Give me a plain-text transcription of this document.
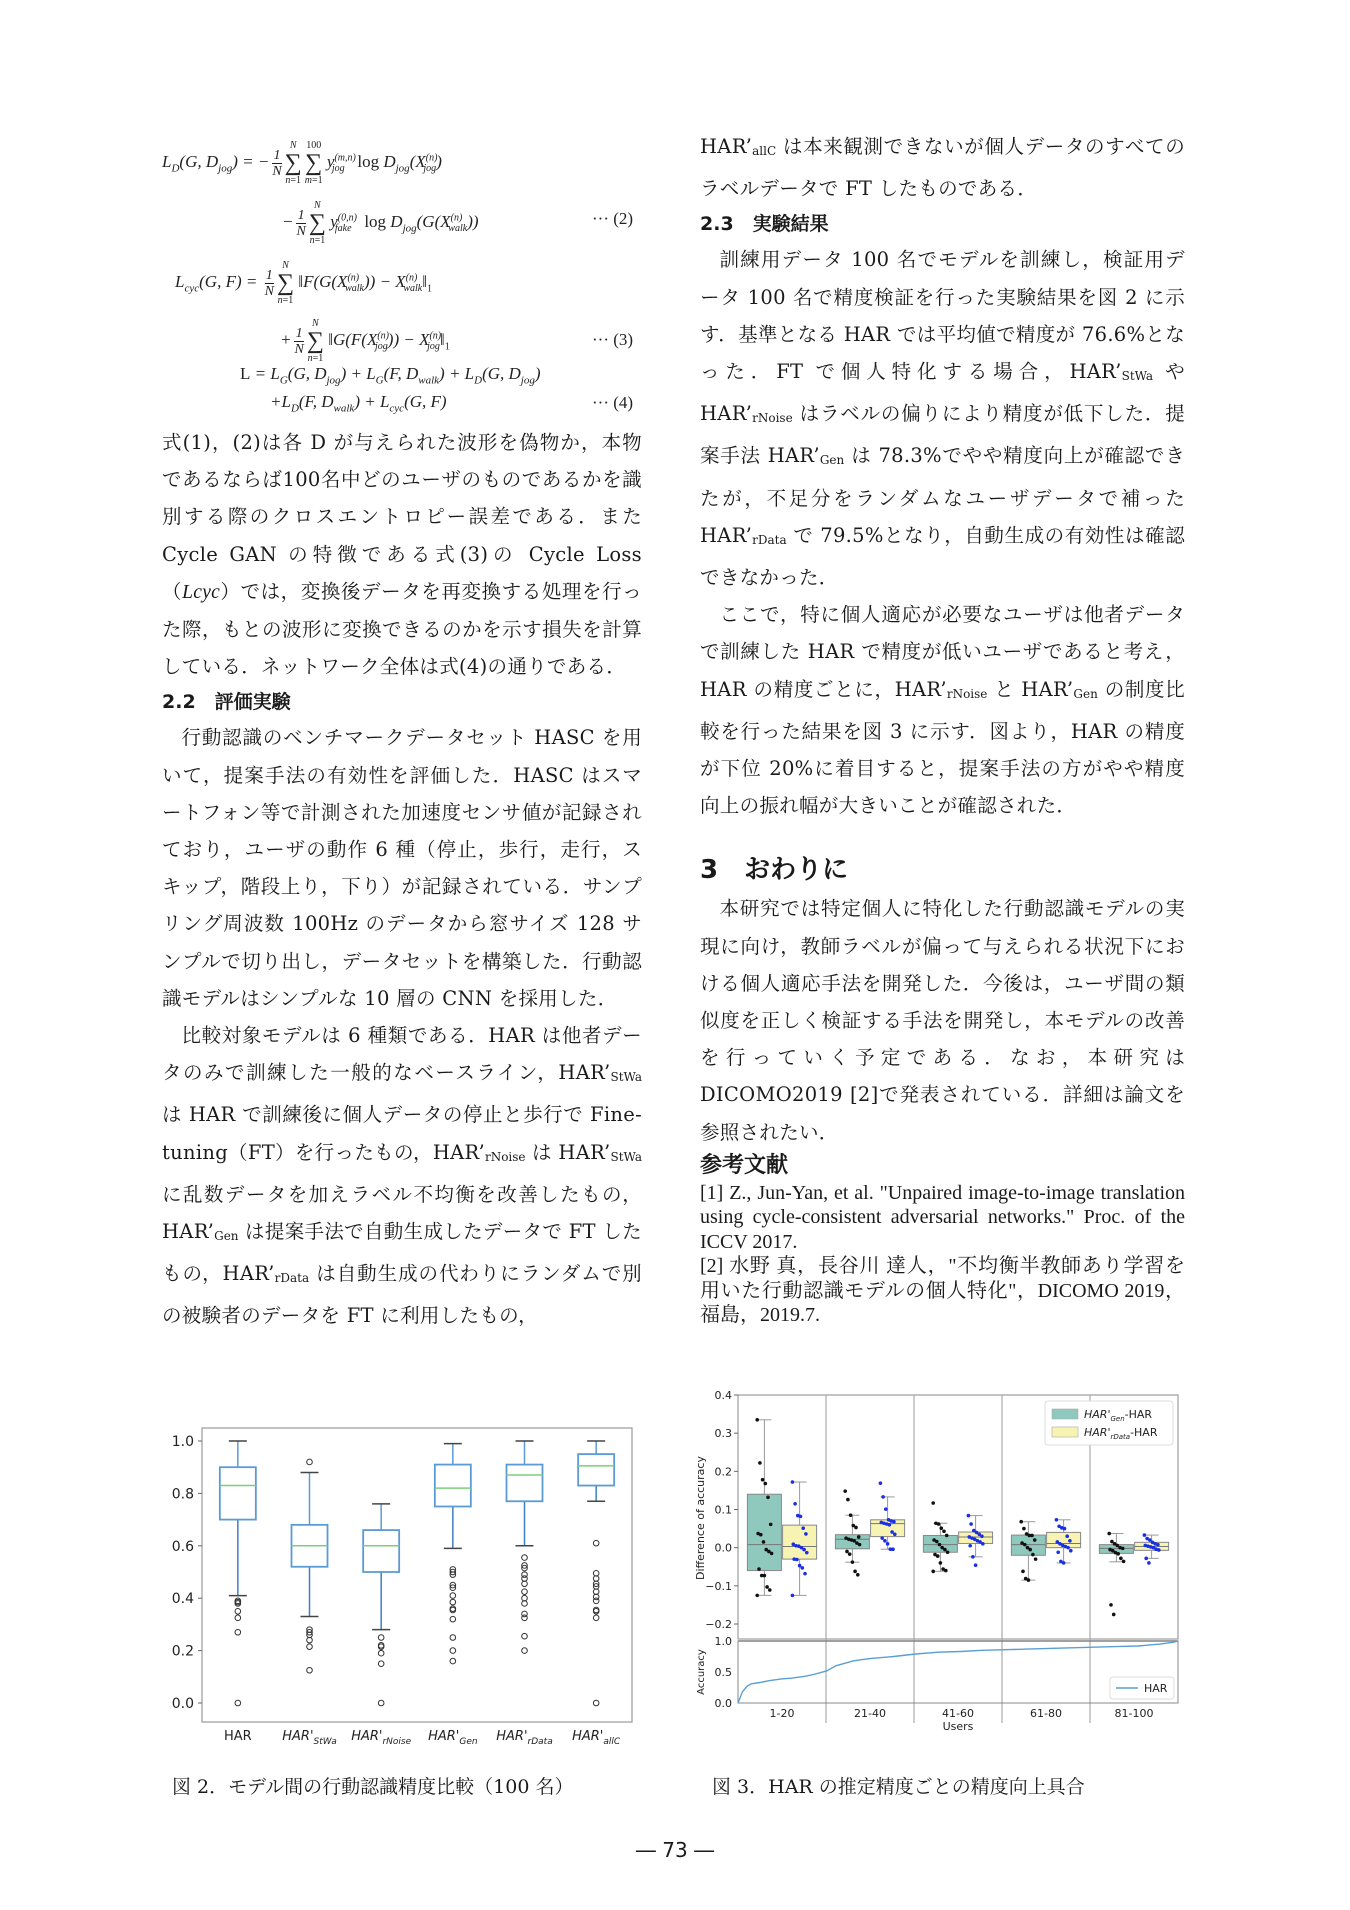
$L_D(G$, $D_{jog}$) = − 1

N
N
∑
n=1100
∑
m=1 $y^{(m,n)}_{jog}$ $\log D_{jog}(X^{(n)}_{jog})$
− 1

N
N
∑
n=1 $y^{(0,n)}_{fake}$ $\log D_{jog}(G(X^{(n)}_{walk}))$	··· (2)
$L_{cyc}(G$, F) = 1

N
N
∑
n=1 $‖F(G(X^{(n)}_{walk}))$ − $X^{(n)}_{walk}‖_1$
+ 1

N
N
∑
n=1 $‖G(F(X^{(n)}_{jog}))$ − $X^{(n)}_{jog}‖_1$	··· (3)
$L = L_G(G$, $D_{jog}) + L_G(F$, $D_{walk}) + L_D(G$, $D_{jog}$)
$+L_D(F$, $D_{walk}) + L_{cyc}(G$, F)	··· (4)

式(1)，(2)は各 D が与えられた波形を偽物か，本物であるならば100名中どのユーザのものであるかを識別する際のクロスエントロピー誤差である．また Cycle GAN の特徴である式(3)の Cycle Loss（Lcyc）では，変換後データを再変換する処理を行った際，もとの波形に変換できるのかを示す損失を計算している．ネットワーク全体は式(4)の通りである．

2.2　評価実験

行動認識のベンチマークデータセット HASC を用いて，提案手法の有効性を評価した．HASC はスマートフォン等で計測された加速度センサ値が記録されており，ユーザの動作 6 種（停止，歩行，走行，スキップ，階段上り，下り）が記録されている．サンプリング周波数 100Hz のデータから窓サイズ 128 サンプルで切り出し，データセットを構築した．行動認識モデルはシンプルな 10 層の CNN を採用した．

比較対象モデルは 6 種類である．HAR は他者データのみで訓練した一般的なベースライン，HAR’StWa は HAR で訓練後に個人データの停止と歩行で Fine-tuning（FT）を行ったもの，HAR’rNoise は HAR’StWa に乱数データを加えラベル不均衡を改善したもの，HAR’Gen は提案手法で自動生成したデータで FT したもの，HAR’rData は自動生成の代わりにランダムで別の被験者のデータを FT に利用したもの，

HAR’allC は本来観測できないが個人データのすべてのラベルデータで FT したものである．

2.3　実験結果

訓練用データ 100 名でモデルを訓練し，検証用データ 100 名で精度検証を行った実験結果を図 2 に示す．基準となる HAR では平均値で精度が 76.6%となった．FT で個人特化する場合，HAR’StWa や HAR’rNoise はラベルの偏りにより精度が低下した．提案手法 HAR’Gen は 78.3%でやや精度向上が確認できたが，不足分をランダムなユーザデータで補った HAR’rData で 79.5%となり，自動生成の有効性は確認できなかった．

ここで，特に個人適応が必要なユーザは他者データで訓練した HAR で精度が低いユーザであると考え，HAR の精度ごとに，HAR’rNoise と HAR’Gen の制度比較を行った結果を図 3 に示す．図より，HAR の精度が下位 20%に着目すると，提案手法の方がやや精度向上の振れ幅が大きいことが確認された．

3　おわりに

本研究では特定個人に特化した行動認識モデルの実現に向け，教師ラベルが偏って与えられる状況下における個人適応手法を開発した．今後は，ユーザ間の類似度を正しく検証する手法を開発し，本モデルの改善を行っていく予定である．なお，本研究は DICOMO2019 [2]で発表されている．詳細は論文を参照されたい．

参考文献

[1] Z., Jun-Yan, et al. "Unpaired image-to-image translation using cycle-consistent adversarial networks." Proc. of the ICCV 2017.

[2] 水野 真，長谷川 達人，"不均衡半教師あり学習を用いた行動認識モデルの個人特化"，DICOMO 2019，福島，2019.7.

0.0
0.2
0.4
0.6
0.8
1.0
HAR $HAR'_{StWa}$ $HAR'_{rNoise}$ $HAR'_{Gen}$ $HAR'_{rData}$ $HAR'_{allC}$
図 2．モデル間の行動認識精度比較（100 名）
−0.2
−0.1
0.0
0.1
0.2
0.3
0.4
Difference of accuracy
$HAR'_{Gen}$-HAR
$HAR'_{rData}$-HAR
0.0
0.5
1.0
Accuracy
1-20	21-40	41-60	61-80	81-100
Users
HAR
図 3．HAR の推定精度ごとの精度向上具合
― 73 ―
